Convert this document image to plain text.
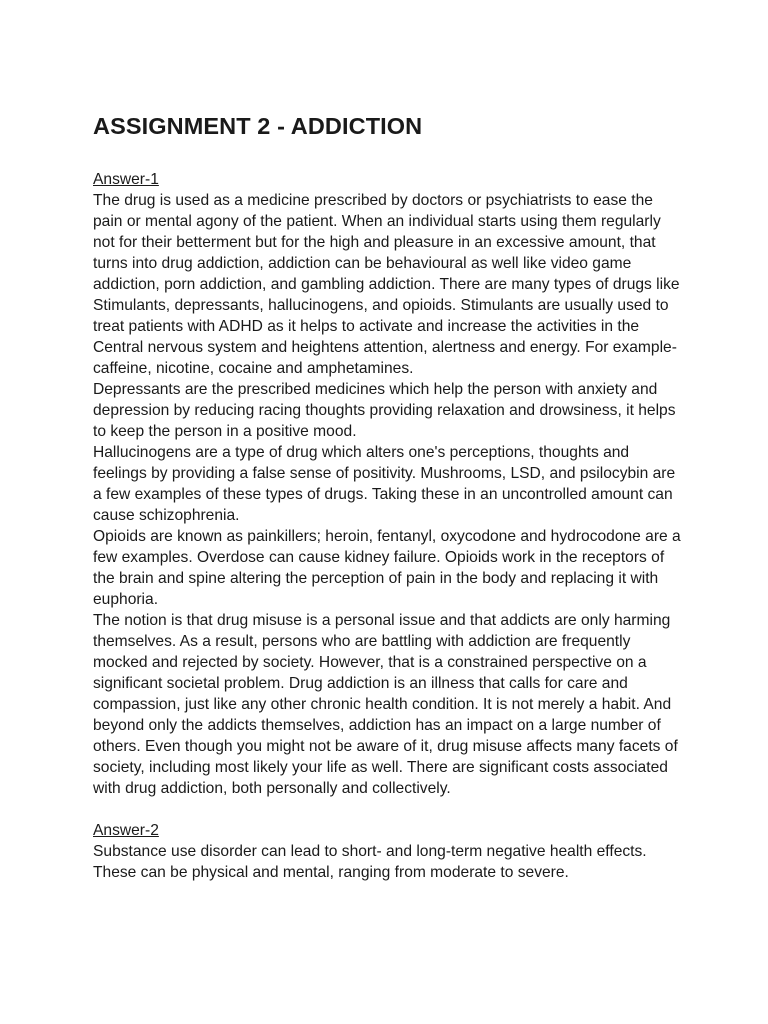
ASSIGNMENT 2 - ADDICTION

Answer-1

The drug is used as a medicine prescribed by doctors or psychiatrists to ease the pain or mental agony of the patient. When an individual starts using them regularly not for their betterment but for the high and pleasure in an excessive amount, that turns into drug addiction, addiction can be behavioural as well like video game addiction, porn addiction, and gambling addiction. There are many types of drugs like Stimulants, depressants, hallucinogens, and opioids. Stimulants are usually used to treat patients with ADHD as it helps to activate and increase the activities in the Central nervous system and heightens attention, alertness and energy. For example- caffeine, nicotine, cocaine and amphetamines.

Depressants are the prescribed medicines which help the person with anxiety and depression by reducing racing thoughts providing relaxation and drowsiness, it helps to keep the person in a positive mood.

Hallucinogens are a type of drug which alters one's perceptions, thoughts and feelings by providing a false sense of positivity. Mushrooms, LSD, and psilocybin are a few examples of these types of drugs. Taking these in an uncontrolled amount can cause schizophrenia.

Opioids are known as painkillers; heroin, fentanyl, oxycodone and hydrocodone are a few examples. Overdose can cause kidney failure. Opioids work in the receptors of the brain and spine altering the perception of pain in the body and replacing it with euphoria.

The notion is that drug misuse is a personal issue and that addicts are only harming themselves. As a result, persons who are battling with addiction are frequently mocked and rejected by society. However, that is a constrained perspective on a significant societal problem. Drug addiction is an illness that calls for care and compassion, just like any other chronic health condition. It is not merely a habit. And beyond only the addicts themselves, addiction has an impact on a large number of others. Even though you might not be aware of it, drug misuse affects many facets of society, including most likely your life as well. There are significant costs associated with drug addiction, both personally and collectively.

Answer-2

Substance use disorder can lead to short- and long-term negative health effects. These can be physical and mental, ranging from moderate to severe.
